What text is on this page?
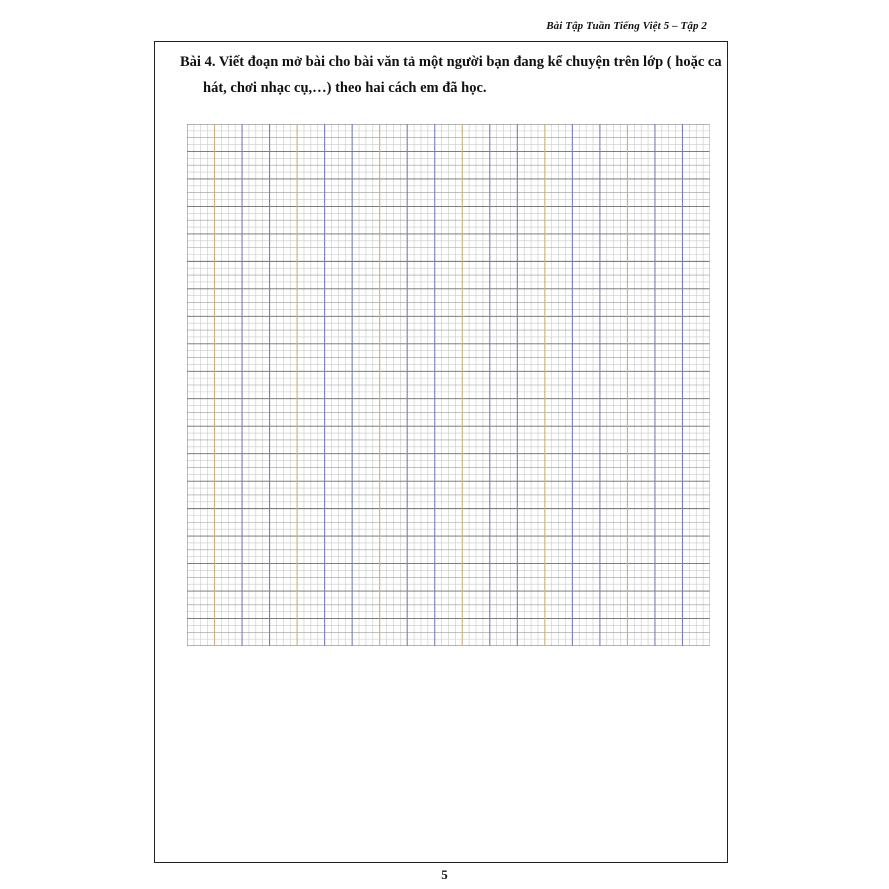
Bài Tập Tuần Tiếng Việt 5 – Tập 2
Bài 4. Viết đoạn mở bài cho bài văn tả một người bạn đang kể chuyện trên lớp ( hoặc ca
hát, chơi nhạc cụ,…) theo hai cách em đã học.
5
